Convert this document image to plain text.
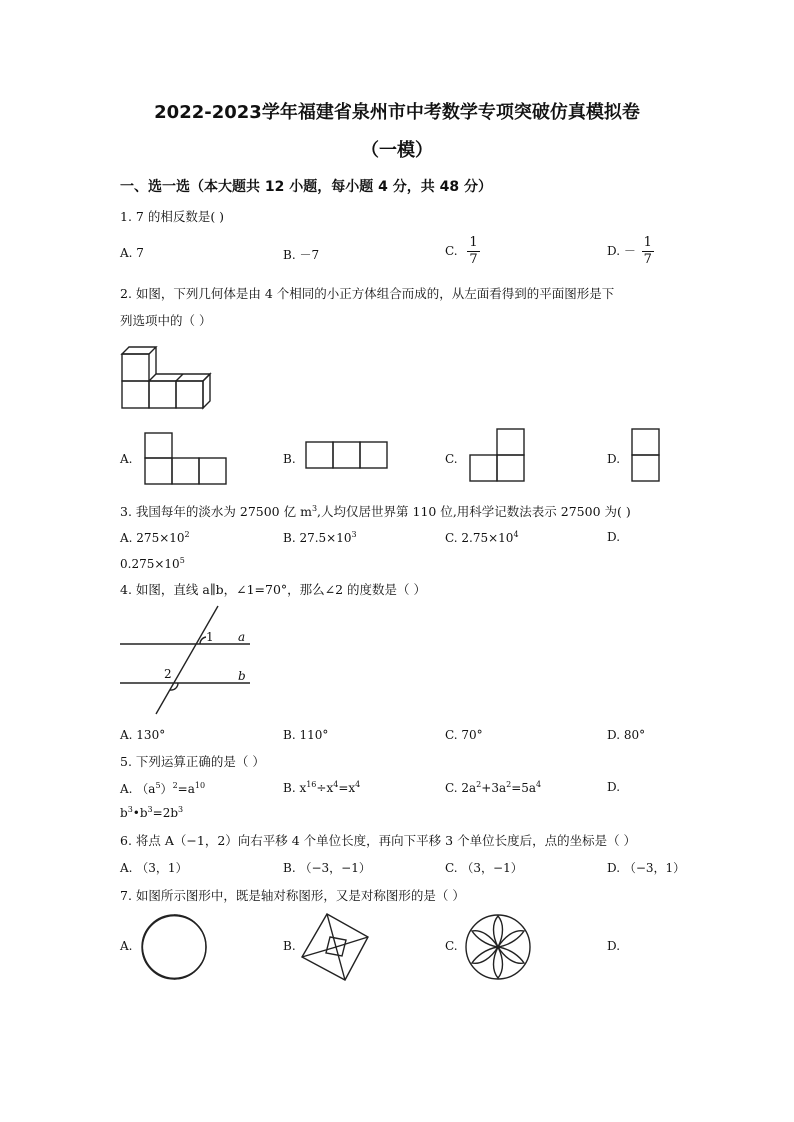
2022-2023学年福建省泉州市中考数学专项突破仿真模拟卷
（一模）
一、选一选（本大题共 12 小题，每小题 4 分，共 48 分）
1. 7 的相反数是( )
A. 7	B. －7	C. $\frac{1}{7}$	D. － $\frac{1}{7}$
2. 如图，下列几何体是由 4 个相同的小正方体组合而成的，从左面看得到的平面图形是下
列选项中的（ ）
A.	B.	C.	D.
3. 我国每年的淡水为 27500 亿 $m^3$,人均仅居世界第 110 位,用科学记数法表示 27500 为( )
A. $275\times 10^2$	B. $27.5\times 10^3$	C. $2.75\times 10^4$	D.
$0.275\times 10^5$
4. 如图，直线 a∥b，∠1=70°，那么∠2 的度数是（ ）
1
2
a
b
A. 130°	B. 110°	C. 70°	D. 80°
5. 下列运算正确的是（ ）
A. $(a^5)^2=a^{10}$	B. $x^{16}\div x^4=x^4$	C. $2a^2+3a^2=5a^4$	D.
$b^3•b^3=2b^3$
6. 将点 A（−1，2）向右平移 4 个单位长度，再向下平移 3 个单位长度后，点的坐标是（ ）
A. （3，1）	B. （−3，−1）	C. （3，−1）	D. （−3，1）
7. 如图所示图形中，既是轴对称图形，又是对称图形的是（ ）
A.	B.	C.	D.
